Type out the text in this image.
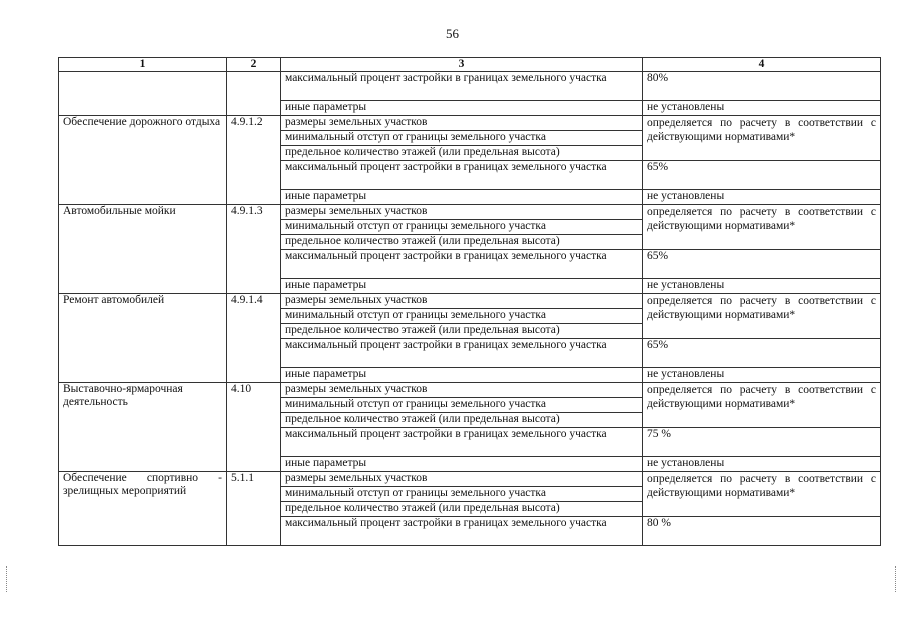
56
1	2	3	4
		максимальный процент застройки в границах земельного участка	80%
		иные параметры	не установлены
Обеспечение дорожного отдыха	4.9.1.2	размеры земельных участков	определяется по расчету в соответствии с действующими нормативами*
		минимальный отступ от границы земельного участка	
		предельное количество этажей (или предельная высота)	
		максимальный процент застройки в границах земельного участка	65%
		иные параметры	не установлены
Автомобильные мойки	4.9.1.3	размеры земельных участков	определяется по расчету в соответствии с действующими нормативами*
		минимальный отступ от границы земельного участка	
		предельное количество этажей (или предельная высота)	
		максимальный процент застройки в границах земельного участка	65%
		иные параметры	не установлены
Ремонт автомобилей	4.9.1.4	размеры земельных участков	определяется по расчету в соответствии с действующими нормативами*
		минимальный отступ от границы земельного участка	
		предельное количество этажей (или предельная высота)	
		максимальный процент застройки в границах земельного участка	65%
		иные параметры	не установлены
Выставочно-ярмарочная деятельность	4.10	размеры земельных участков	определяется по расчету в соответствии с действующими нормативами*
		минимальный отступ от границы земельного участка	
		предельное количество этажей (или предельная высота)	
		максимальный процент застройки в границах земельного участка	75 %
		иные параметры	не установлены
Обеспечение спортивно - зрелищных мероприятий	5.1.1	размеры земельных участков	определяется по расчету в соответствии с действующими нормативами*
		минимальный отступ от границы земельного участка	
		предельное количество этажей (или предельная высота)	
		максимальный процент застройки в границах земельного участка	80 %
